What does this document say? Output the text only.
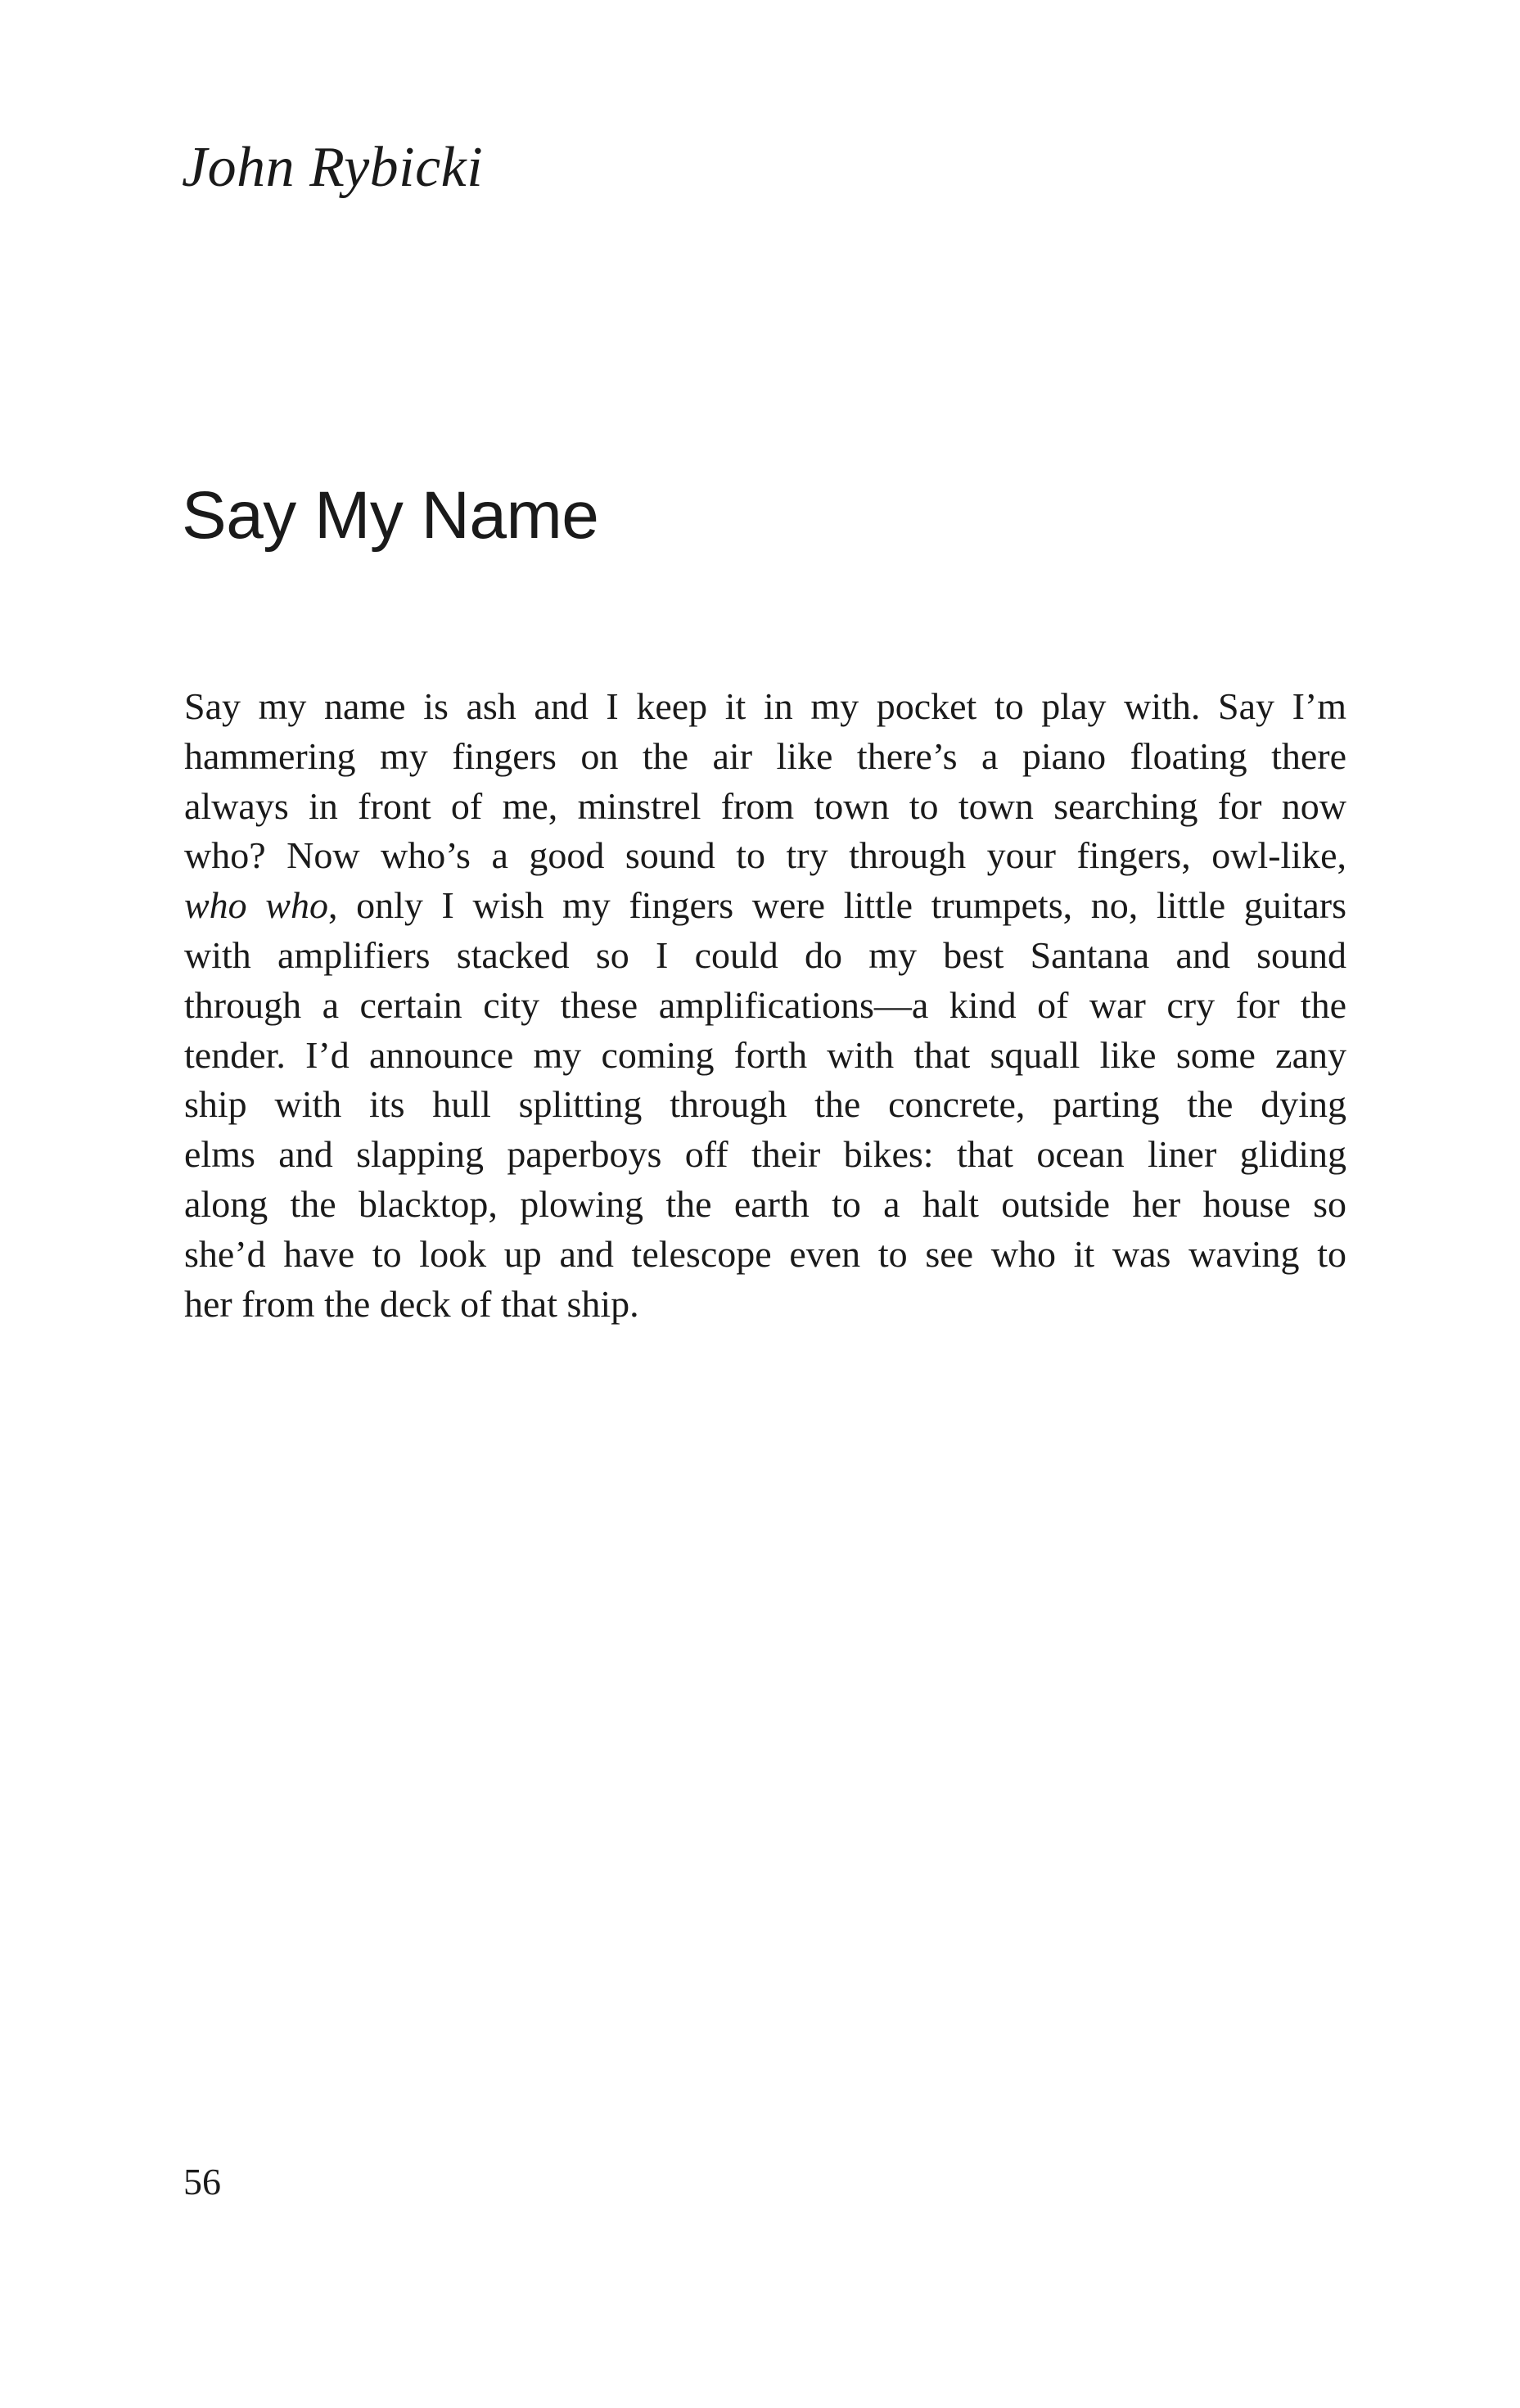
John Rybicki
Say My Name
Say my name is ash and I keep it in my pocket to play with. Say I’m
hammering my fingers on the air like there’s a piano floating there
always in front of me, minstrel from town to town searching for now
who? Now who’s a good sound to try through your fingers, owl-like,
who who, only I wish my fingers were little trumpets, no, little guitars
with amplifiers stacked so I could do my best Santana and sound
through a certain city these amplifications—a kind of war cry for the
tender. I’d announce my coming forth with that squall like some zany
ship with its hull splitting through the concrete, parting the dying
elms and slapping paperboys off their bikes: that ocean liner gliding
along the blacktop, plowing the earth to a halt outside her house so
she’d have to look up and telescope even to see who it was waving to
her from the deck of that ship.
56
